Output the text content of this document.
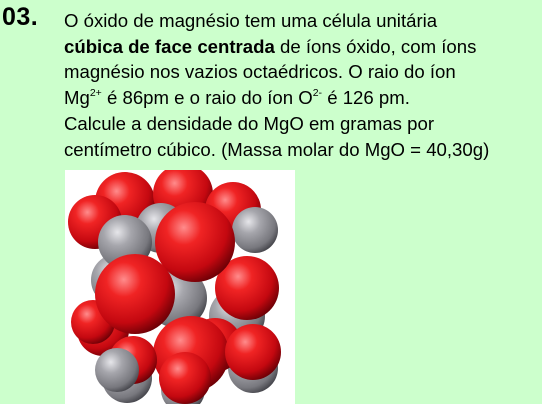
03. O óxido de magnésio tem uma célula unitária
cúbica de face centrada de íons óxido, com íons
magnésio nos vazios octaédricos. O raio do íon
$Mg^{2+}$ é 86pm e o raio do íon $O^{2-}$ é 126 pm.
Calcule a densidade do MgO em gramas por
centímetro cúbico. (Massa molar do MgO = 40,30g)
